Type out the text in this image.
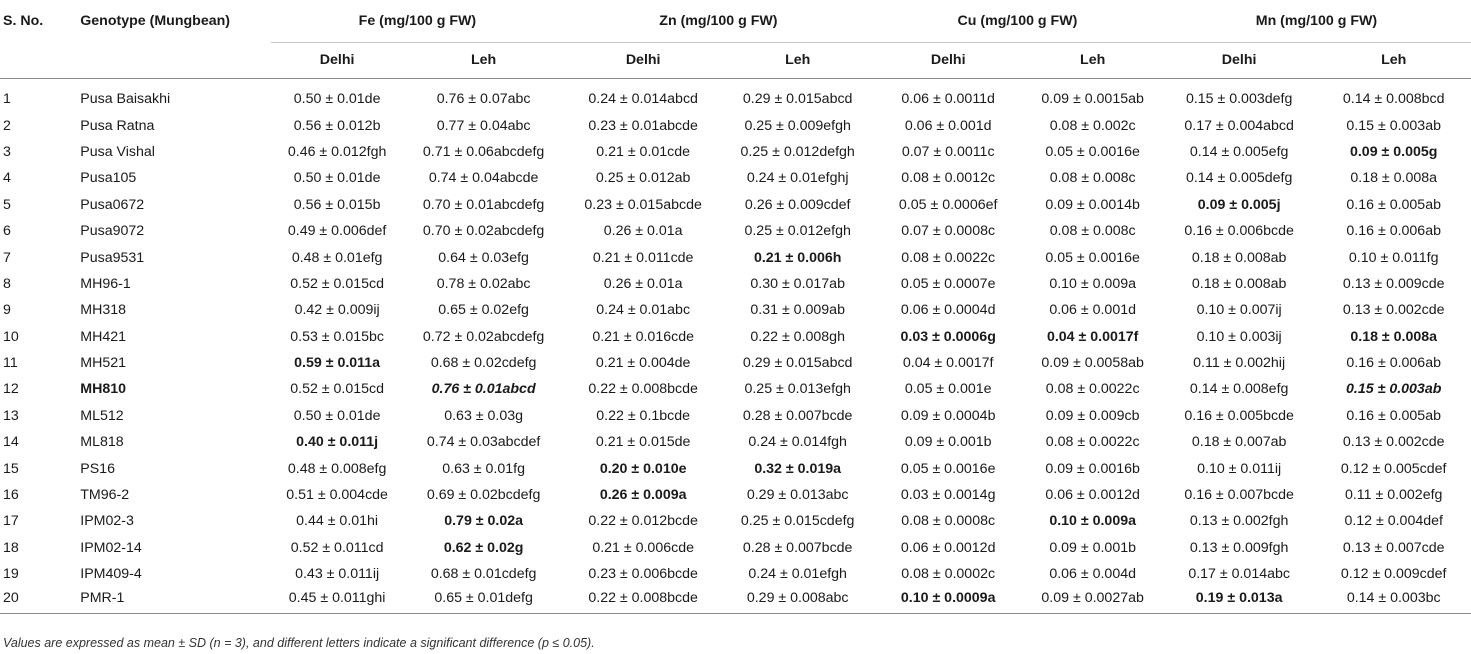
S. No.	Genotype (Mungbean)	Fe (mg/100 g FW)		Zn (mg/100 g FW)		Cu (mg/100 g FW)		Mn (mg/100 g FW)	
		Delhi	Leh	Delhi	Leh	Delhi	Leh	Delhi	Leh

1	Pusa Baisakhi	0.50 ± 0.01de	0.76 ± 0.07abc	0.24 ± 0.014abcd	0.29 ± 0.015abcd	0.06 ± 0.0011d	0.09 ± 0.0015ab	0.15 ± 0.003defg	0.14 ± 0.008bcd
2	Pusa Ratna	0.56 ± 0.012b	0.77 ± 0.04abc	0.23 ± 0.01abcde	0.25 ± 0.009efgh	0.06 ± 0.001d	0.08 ± 0.002c	0.17 ± 0.004abcd	0.15 ± 0.003ab
3	Pusa Vishal	0.46 ± 0.012fgh	0.71 ± 0.06abcdefg	0.21 ± 0.01cde	0.25 ± 0.012defgh	0.07 ± 0.0011c	0.05 ± 0.0016e	0.14 ± 0.005efg	0.09 ± 0.005g
4	Pusa105	0.50 ± 0.01de	0.74 ± 0.04abcde	0.25 ± 0.012ab	0.24 ± 0.01efghj	0.08 ± 0.0012c	0.08 ± 0.008c	0.14 ± 0.005defg	0.18 ± 0.008a
5	Pusa0672	0.56 ± 0.015b	0.70 ± 0.01abcdefg	0.23 ± 0.015abcde	0.26 ± 0.009cdef	0.05 ± 0.0006ef	0.09 ± 0.0014b	0.09 ± 0.005j	0.16 ± 0.005ab
6	Pusa9072	0.49 ± 0.006def	0.70 ± 0.02abcdefg	0.26 ± 0.01a	0.25 ± 0.012efgh	0.07 ± 0.0008c	0.08 ± 0.008c	0.16 ± 0.006bcde	0.16 ± 0.006ab
7	Pusa9531	0.48 ± 0.01efg	0.64 ± 0.03efg	0.21 ± 0.011cde	0.21 ± 0.006h	0.08 ± 0.0022c	0.05 ± 0.0016e	0.18 ± 0.008ab	0.10 ± 0.011fg
8	MH96-1	0.52 ± 0.015cd	0.78 ± 0.02abc	0.26 ± 0.01a	0.30 ± 0.017ab	0.05 ± 0.0007e	0.10 ± 0.009a	0.18 ± 0.008ab	0.13 ± 0.009cde
9	MH318	0.42 ± 0.009ij	0.65 ± 0.02efg	0.24 ± 0.01abc	0.31 ± 0.009ab	0.06 ± 0.0004d	0.06 ± 0.001d	0.10 ± 0.007ij	0.13 ± 0.002cde
10	MH421	0.53 ± 0.015bc	0.72 ± 0.02abcdefg	0.21 ± 0.016cde	0.22 ± 0.008gh	0.03 ± 0.0006g	0.04 ± 0.0017f	0.10 ± 0.003ij	0.18 ± 0.008a
11	MH521	0.59 ± 0.011a	0.68 ± 0.02cdefg	0.21 ± 0.004de	0.29 ± 0.015abcd	0.04 ± 0.0017f	0.09 ± 0.0058ab	0.11 ± 0.002hij	0.16 ± 0.006ab
12	MH810	0.52 ± 0.015cd	0.76 ± 0.01abcd	0.22 ± 0.008bcde	0.25 ± 0.013efgh	0.05 ± 0.001e	0.08 ± 0.0022c	0.14 ± 0.008efg	0.15 ± 0.003ab
13	ML512	0.50 ± 0.01de	0.63 ± 0.03g	0.22 ± 0.1bcde	0.28 ± 0.007bcde	0.09 ± 0.0004b	0.09 ± 0.009cb	0.16 ± 0.005bcde	0.16 ± 0.005ab
14	ML818	0.40 ± 0.011j	0.74 ± 0.03abcdef	0.21 ± 0.015de	0.24 ± 0.014fgh	0.09 ± 0.001b	0.08 ± 0.0022c	0.18 ± 0.007ab	0.13 ± 0.002cde
15	PS16	0.48 ± 0.008efg	0.63 ± 0.01fg	0.20 ± 0.010e	0.32 ± 0.019a	0.05 ± 0.0016e	0.09 ± 0.0016b	0.10 ± 0.011ij	0.12 ± 0.005cdef
16	TM96-2	0.51 ± 0.004cde	0.69 ± 0.02bcdefg	0.26 ± 0.009a	0.29 ± 0.013abc	0.03 ± 0.0014g	0.06 ± 0.0012d	0.16 ± 0.007bcde	0.11 ± 0.002efg
17	IPM02-3	0.44 ± 0.01hi	0.79 ± 0.02a	0.22 ± 0.012bcde	0.25 ± 0.015cdefg	0.08 ± 0.0008c	0.10 ± 0.009a	0.13 ± 0.002fgh	0.12 ± 0.004def
18	IPM02-14	0.52 ± 0.011cd	0.62 ± 0.02g	0.21 ± 0.006cde	0.28 ± 0.007bcde	0.06 ± 0.0012d	0.09 ± 0.001b	0.13 ± 0.009fgh	0.13 ± 0.007cde
19	IPM409-4	0.43 ± 0.011ij	0.68 ± 0.01cdefg	0.23 ± 0.006bcde	0.24 ± 0.01efgh	0.08 ± 0.0002c	0.06 ± 0.004d	0.17 ± 0.014abc	0.12 ± 0.009cdef
20	PMR-1	0.45 ± 0.011ghi	0.65 ± 0.01defg	0.22 ± 0.008bcde	0.29 ± 0.008abc	0.10 ± 0.0009a	0.09 ± 0.0027ab	0.19 ± 0.013a	0.14 ± 0.003bc
Values are expressed as mean ± SD (n = 3), and different letters indicate a significant difference (p ≤ 0.05).
